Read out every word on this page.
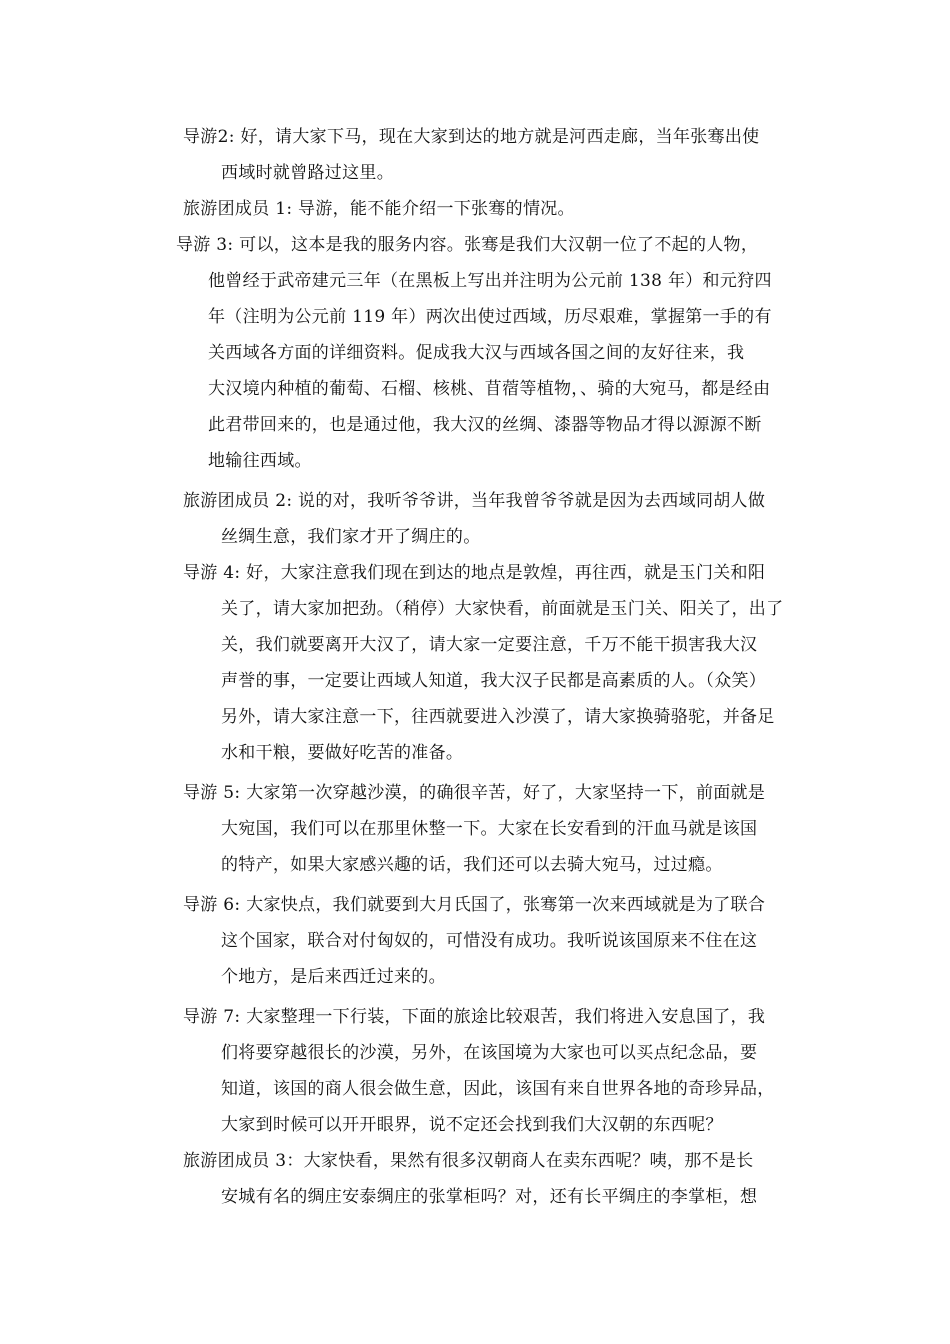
导游2: 好，请大家下马，现在大家到达的地方就是河西走廊，当年张骞出使
西域时就曾路过这里。
旅游团成员 1: 导游，能不能介绍一下张骞的情况。
导游 3: 可以，这本是我的服务内容。张骞是我们大汉朝一位了不起的人物，
他曾经于武帝建元三年（在黑板上写出并注明为公元前 138 年）和元狩四
年（注明为公元前 119 年）两次出使过西域，历尽艰难，掌握第一手的有
关西域各方面的详细资料。促成我大汉与西域各国之间的友好往来，我
大汉境内种植的葡萄、石榴、核桃、苜蓿等植物，、骑的大宛马，都是经由
此君带回来的，也是通过他，我大汉的丝绸、漆器等物品才得以源源不断
地输往西域。
旅游团成员 2: 说的对，我听爷爷讲，当年我曾爷爷就是因为去西域同胡人做
丝绸生意，我们家才开了绸庄的。
导游 4: 好，大家注意我们现在到达的地点是敦煌，再往西，就是玉门关和阳
关了，请大家加把劲。（稍停）大家快看，前面就是玉门关、阳关了，出了
关，我们就要离开大汉了，请大家一定要注意，千万不能干损害我大汉
声誉的事，一定要让西域人知道，我大汉子民都是高素质的人。（众笑）
另外，请大家注意一下，往西就要进入沙漠了，请大家换骑骆驼，并备足
水和干粮，要做好吃苦的准备。
导游 5: 大家第一次穿越沙漠，的确很辛苦，好了，大家坚持一下，前面就是
大宛国，我们可以在那里休整一下。大家在长安看到的汗血马就是该国
的特产，如果大家感兴趣的话，我们还可以去骑大宛马，过过瘾。
导游 6: 大家快点，我们就要到大月氏国了，张骞第一次来西域就是为了联合
这个国家，联合对付匈奴的，可惜没有成功。我听说该国原来不住在这
个地方，是后来西迁过来的。
导游 7: 大家整理一下行装，下面的旅途比较艰苦，我们将进入安息国了，我
们将要穿越很长的沙漠，另外，在该国境为大家也可以买点纪念品，要
知道，该国的商人很会做生意，因此，该国有来自世界各地的奇珍异品，
大家到时候可以开开眼界，说不定还会找到我们大汉朝的东西呢？
旅游团成员 3：大家快看，果然有很多汉朝商人在卖东西呢？咦，那不是长
安城有名的绸庄安泰绸庄的张掌柜吗？对，还有长平绸庄的李掌柜，想
